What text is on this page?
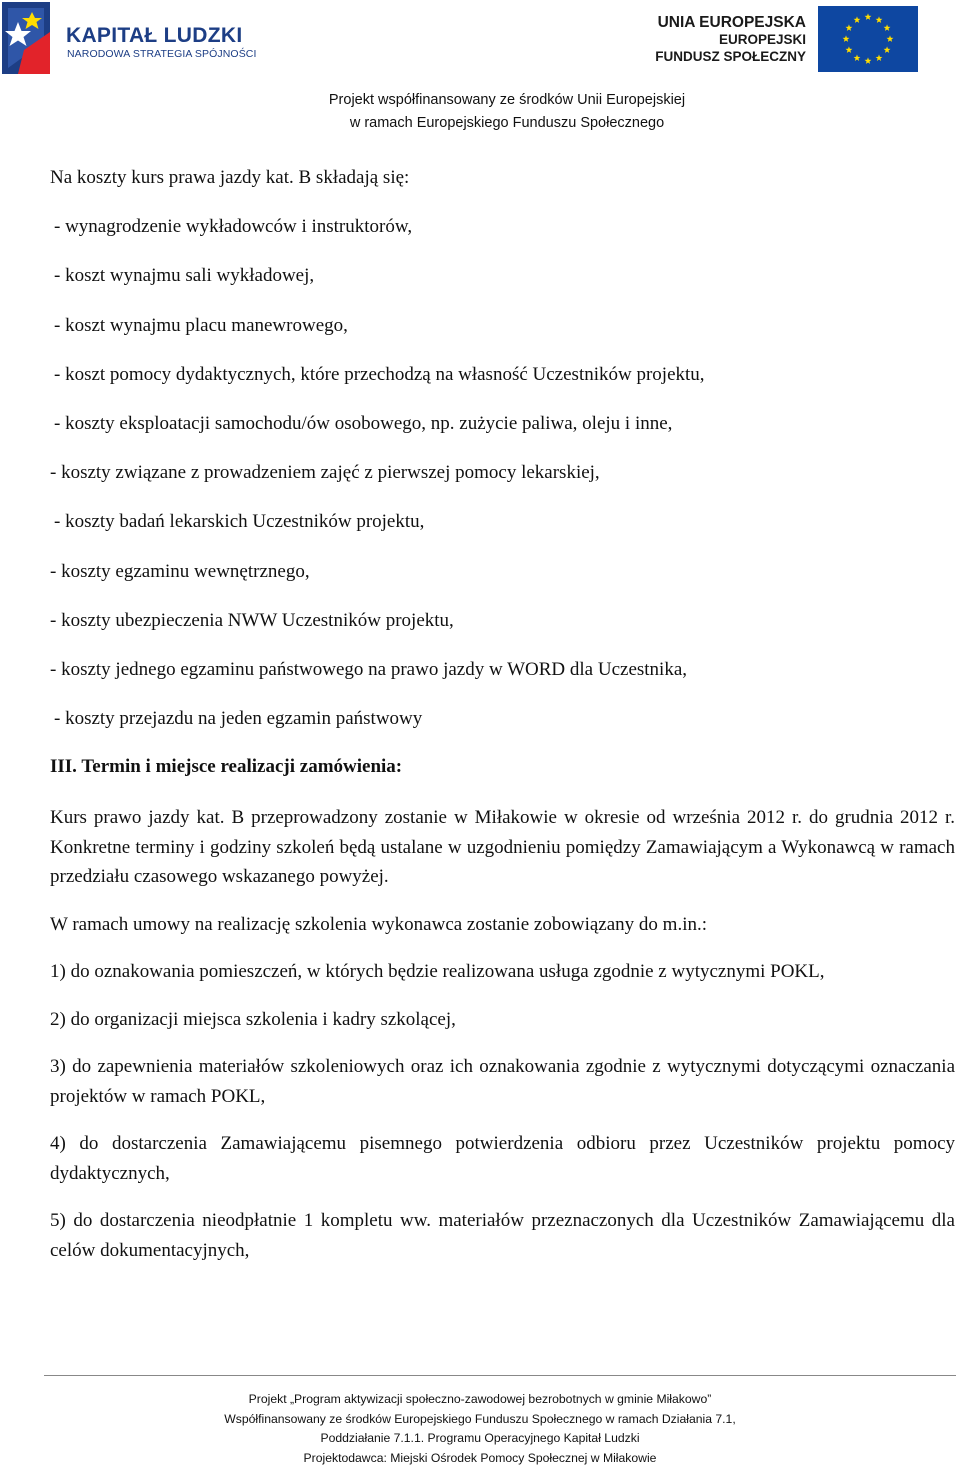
KAPITAŁ LUDZKI
NARODOWA STRATEGIA SPÓJNOŚCI
UNIA EUROPEJSKA
EUROPEJSKI
FUNDUSZ SPOŁECZNY
Projekt współfinansowany ze środków Unii Europejskiej
w ramach Europejskiego Funduszu Społecznego
Na koszty kurs prawa jazdy kat. B składają się:
- wynagrodzenie wykładowców i instruktorów,
- koszt wynajmu sali wykładowej,
- koszt wynajmu placu manewrowego,
- koszt pomocy dydaktycznych, które przechodzą na własność Uczestników projektu,
- koszty eksploatacji samochodu/ów osobowego, np. zużycie paliwa, oleju i inne,
- koszty związane z prowadzeniem zajęć z pierwszej pomocy lekarskiej,
- koszty badań lekarskich Uczestników projektu,
- koszty egzaminu wewnętrznego,
- koszty ubezpieczenia NWW Uczestników projektu,
- koszty jednego egzaminu państwowego na prawo jazdy w WORD dla Uczestnika,
- koszty przejazdu na jeden egzamin państwowy
III. Termin i miejsce realizacji zamówienia:
Kurs prawo jazdy kat. B przeprowadzony zostanie w Miłakowie w okresie od września 2012 r. do grudnia 2012 r. Konkretne terminy i godziny szkoleń będą ustalane w uzgodnieniu pomiędzy Zamawiającym a Wykonawcą w ramach przedziału czasowego wskazanego powyżej.
W ramach umowy na realizację szkolenia wykonawca zostanie zobowiązany do m.in.:
1) do oznakowania pomieszczeń, w których będzie realizowana usługa zgodnie z wytycznymi POKL,
2) do organizacji miejsca szkolenia i kadry szkolącej,
3) do zapewnienia materiałów szkoleniowych oraz ich oznakowania zgodnie z wytycznymi dotyczącymi oznaczania projektów w ramach POKL,
4) do dostarczenia Zamawiającemu pisemnego potwierdzenia odbioru przez Uczestników projektu pomocy dydaktycznych,
5) do dostarczenia nieodpłatnie 1 kompletu ww. materiałów przeznaczonych dla Uczestników Zamawiającemu dla celów dokumentacyjnych,
Projekt „Program aktywizacji społeczno-zawodowej bezrobotnych w gminie Miłakowo”
Współfinansowany ze środków Europejskiego Funduszu Społecznego w ramach Działania 7.1,
Poddziałanie 7.1.1. Programu Operacyjnego Kapitał Ludzki
Projektodawca: Miejski Ośrodek Pomocy Społecznej w Miłakowie
